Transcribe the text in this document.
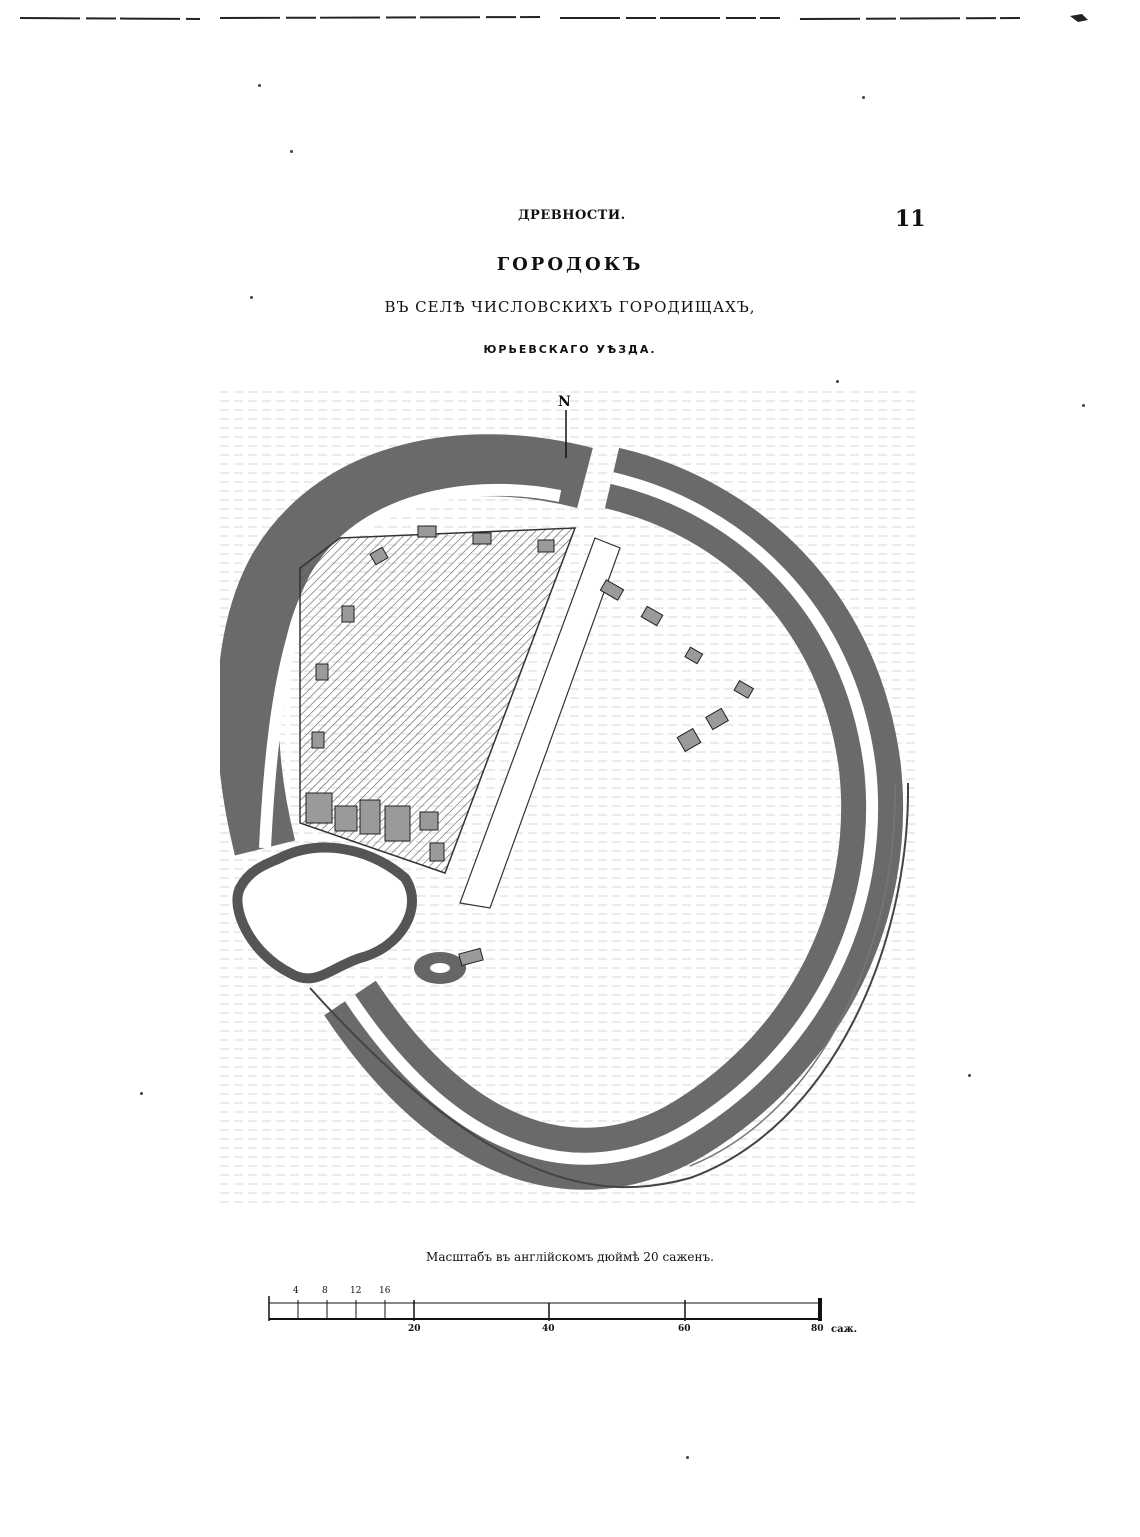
ДРЕВНОСТИ.	11
ГОРОДОКЪ
ВЪ СЕЛѢ ЧИСЛОВСКИХЪ ГОРОДИЩАХЪ,
ЮРЬЕВСКАГО УѢЗДА.
N
Масштабъ въ англійскомъ дюймѣ 20 саженъ.
4	8 12 16
20	40	60	80 саж.
